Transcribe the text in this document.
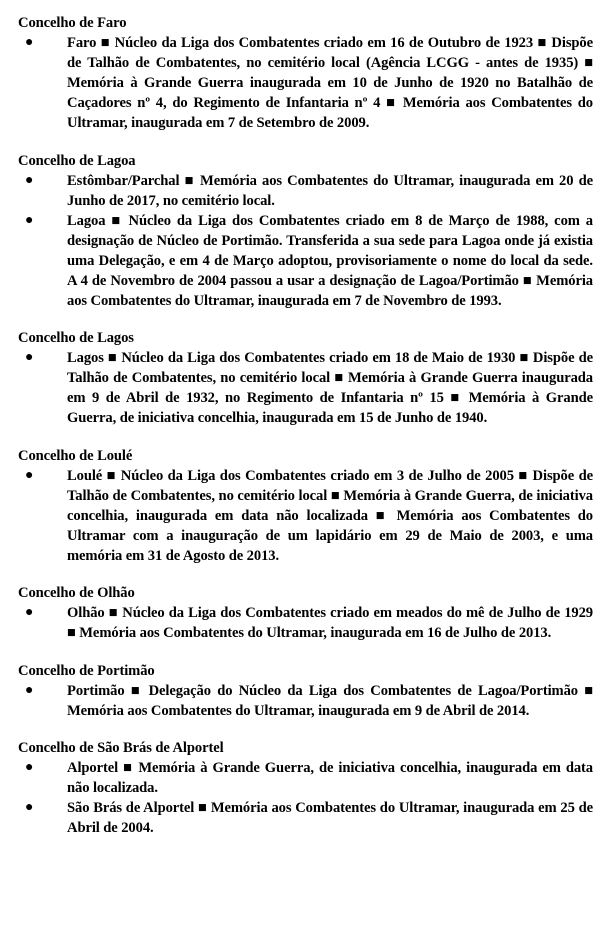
Concelho de Faro
● Faro ■ Núcleo da Liga dos Combatentes criado em 16 de Outubro de 1923 ■ Dispõe de Talhão de Combatentes, no cemitério local (Agência LCGG - antes de 1935) ■ Memória à Grande Guerra inaugurada em 10 de Junho de 1920 no Batalhão de Caçadores nº 4, do Regimento de Infantaria nº 4 ■ Memória aos Combatentes do Ultramar, inaugurada em 7 de Setembro de 2009.
Concelho de Lagoa
● Estômbar/Parchal ■ Memória aos Combatentes do Ultramar, inaugurada em 20 de Junho de 2017, no cemitério local.
● Lagoa ■ Núcleo da Liga dos Combatentes criado em 8 de Março de 1988, com a designação de Núcleo de Portimão. Transferida a sua sede para Lagoa onde já existia uma Delegação, e em 4 de Março adoptou, provisoriamente o nome do local da sede. A 4 de Novembro de 2004 passou a usar a designação de Lagoa/Portimão ■ Memória aos Combatentes do Ultramar, inaugurada em 7 de Novembro de 1993.
Concelho de Lagos
● Lagos ■ Núcleo da Liga dos Combatentes criado em 18 de Maio de 1930 ■ Dispõe de Talhão de Combatentes, no cemitério local ■ Memória à Grande Guerra inaugurada em 9 de Abril de 1932, no Regimento de Infantaria nº 15 ■ Memória à Grande Guerra, de iniciativa concelhia, inaugurada em 15 de Junho de 1940.
Concelho de Loulé
● Loulé ■ Núcleo da Liga dos Combatentes criado em 3 de Julho de 2005 ■ Dispõe de Talhão de Combatentes, no cemitério local ■ Memória à Grande Guerra, de iniciativa concelhia, inaugurada em data não localizada ■ Memória aos Combatentes do Ultramar com a inauguração de um lapidário em 29 de Maio de 2003, e uma memória em 31 de Agosto de 2013.
Concelho de Olhão
● Olhão ■ Núcleo da Liga dos Combatentes criado em meados do mê de Julho de 1929 ■ Memória aos Combatentes do Ultramar, inaugurada em 16 de Julho de 2013.
Concelho de Portimão
● Portimão ■ Delegação do Núcleo da Liga dos Combatentes de Lagoa/Portimão ■ Memória aos Combatentes do Ultramar, inaugurada em 9 de Abril de 2014.
Concelho de São Brás de Alportel
● Alportel ■ Memória à Grande Guerra, de iniciativa concelhia, inaugurada em data não localizada.
● São Brás de Alportel ■ Memória aos Combatentes do Ultramar, inaugurada em 25 de Abril de 2004.
